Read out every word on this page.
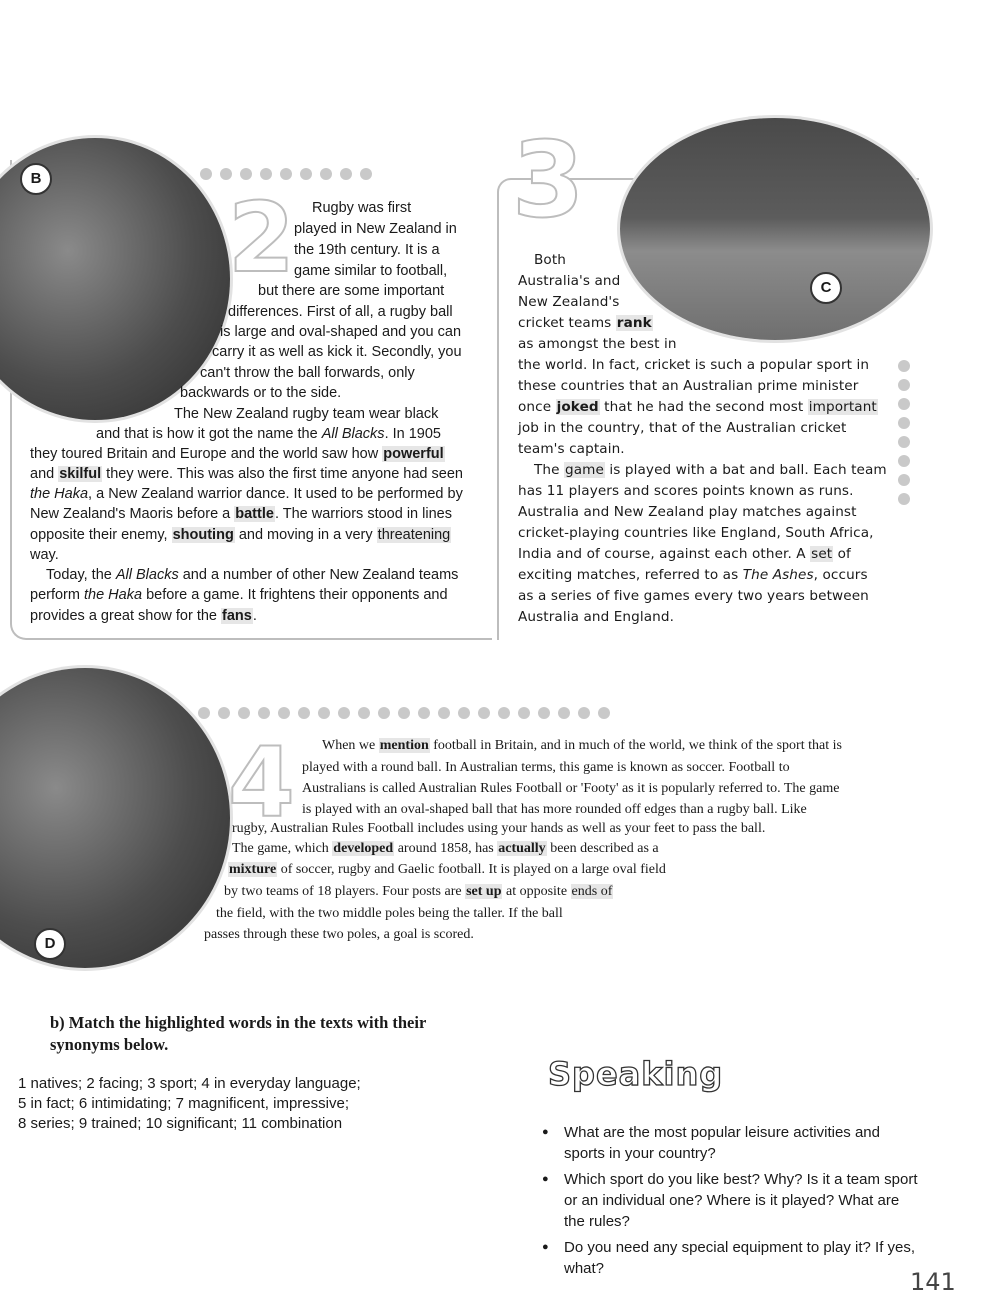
B
C
D
2 3
4
Rugby was first
played in New Zealand in
the 19th century. It is a
game similar to football,
but there are some important
differences. First of all, a rugby ball
is large and oval-shaped and you can
carry it as well as kick it. Secondly, you
can't throw the ball forwards, only
backwards or to the side.
The New Zealand rugby team wear black
and that is how it got the name the All Blacks. In 1905
they toured Britain and Europe and the world saw how powerful
and skilful they were. This was also the first time anyone had seen
the Haka, a New Zealand warrior dance. It used to be performed by
New Zealand's Maoris before a battle. The warriors stood in lines
opposite their enemy, shouting and moving in a very threatening
way.
Today, the All Blacks and a number of other New Zealand teams
perform the Haka before a game. It frightens their opponents and
provides a great show for the fans.
Both
Australia's and
New Zealand's
cricket teams rank
as amongst the best in
the world. In fact, cricket is such a popular sport in
these countries that an Australian prime minister
once joked that he had the second most important
job in the country, that of the Australian cricket
team's captain.
The game is played with a bat and ball. Each team
has 11 players and scores points known as runs.
Australia and New Zealand play matches against
cricket-playing countries like England, South Africa,
India and of course, against each other. A set of
exciting matches, referred to as The Ashes, occurs
as a series of five games every two years between
Australia and England.
When we mention football in Britain, and in much of the world, we think of the sport that is
played with a round ball. In Australian terms, this game is known as soccer. Football to
Australians is called Australian Rules Football or 'Footy' as it is popularly referred to. The game
is played with an oval-shaped ball that has more rounded off edges than a rugby ball. Like
rugby, Australian Rules Football includes using your hands as well as your feet to pass the ball.
The game, which developed around 1858, has actually been described as a
mixture of soccer, rugby and Gaelic football. It is played on a large oval field
by two teams of 18 players. Four posts are set up at opposite ends of
the field, with the two middle poles being the taller. If the ball
passes through these two poles, a goal is scored.
b) Match the highlighted words in the texts with their synonyms below.
1 natives; 2 facing; 3 sport; 4 in everyday language;
5 in fact; 6 intimidating; 7 magnificent, impressive;
8 series; 9 trained; 10 significant; 11 combination
Speaking
● What are the most popular leisure activities and sports in your country?
● Which sport do you like best? Why? Is it a team sport or an individual one? Where is it played? What are the rules?
● Do you need any special equipment to play it? If yes, what?	141
